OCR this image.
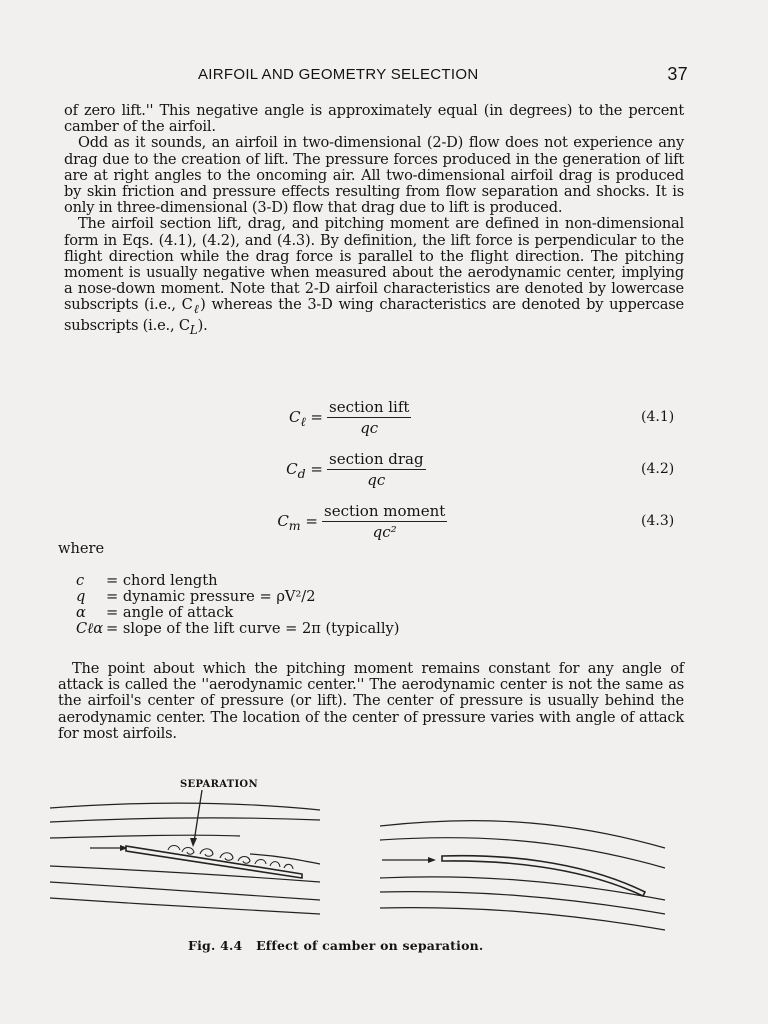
AIRFOIL AND GEOMETRY SELECTION	37

of zero lift.'' This negative angle is approximately equal (in degrees) to the percent camber of the airfoil.

Odd as it sounds, an airfoil in two-dimensional (2-D) flow does not experience any drag due to the creation of lift. The pressure forces produced in the generation of lift are at right angles to the oncoming air. All two-dimensional airfoil drag is produced by skin friction and pressure effects resulting from flow separation and shocks. It is only in three-dimensional (3-D) flow that drag due to lift is produced.

The airfoil section lift, drag, and pitching moment are defined in non-dimensional form in Eqs. (4.1), (4.2), and (4.3). By definition, the lift force is perpendicular to the flight direction while the drag force is parallel to the flight direction. The pitching moment is usually negative when measured about the aerodynamic center, implying a nose-down moment. Note that 2-D airfoil characteristics are denoted by lowercase subscripts (i.e., $C_\ell$) whereas the 3-D wing characteristics are denoted by uppercase subscripts (i.e., $C_L$).

$C_\ell = \frac{\text{section lift}}{qc}$	(4.1)
$C_d = \frac{\text{section drag}}{qc}$	(4.2)
$C_m = \frac{\text{section moment}}{\text{qc²}}$	(4.3)
where
c = chord length
q = dynamic pressure = ρV²/2
α = angle of attack
Cℓα = slope of the lift curve = 2π (typically)

The point about which the pitching moment remains constant for any angle of attack is called the ''aerodynamic center.'' The aerodynamic center is not the same as the airfoil's center of pressure (or lift). The center of pressure is usually behind the aerodynamic center. The location of the center of pressure varies with angle of attack for most airfoils.

SEPARATION
Fig. 4.4 Effect of camber on separation.
